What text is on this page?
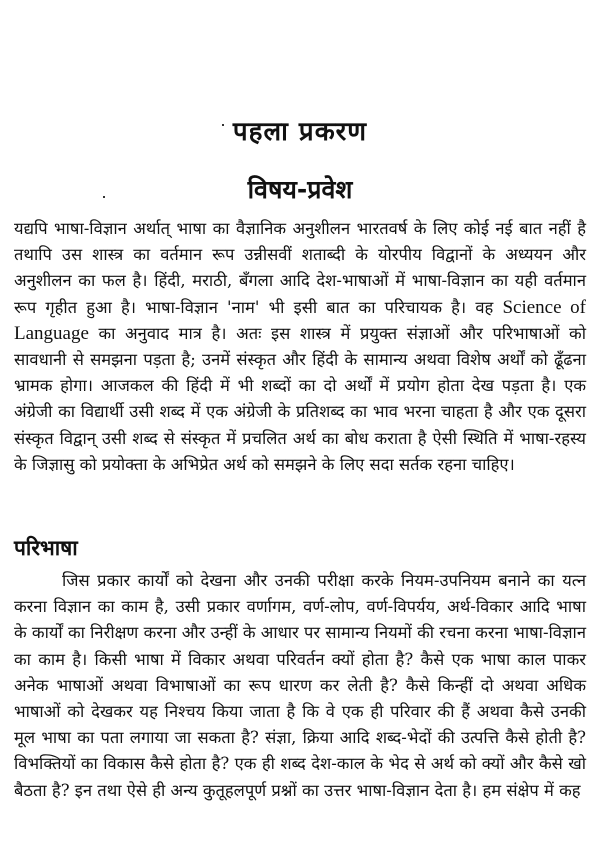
पहला प्रकरण
विषय-प्रवेश

यद्यपि भाषा-विज्ञान अर्थात् भाषा का वैज्ञानिक अनुशीलन भारतवर्ष के लिए कोई नई बात नहीं है तथापि उस शास्त्र का वर्तमान रूप उन्नीसवीं शताब्दी के योरपीय विद्वानों के अध्ययन और अनुशीलन का फल है। हिंदी, मराठी, बँगला आदि देश-भाषाओं में भाषा-विज्ञान का यही वर्तमान रूप गृहीत हुआ है। भाषा-विज्ञान 'नाम' भी इसी बात का परिचायक है। वह Science of Language का अनुवाद मात्र है। अतः इस शास्त्र में प्रयुक्त संज्ञाओं और परिभाषाओं को सावधानी से समझना पड़ता है; उनमें संस्कृत और हिंदी के सामान्य अथवा विशेष अर्थों को ढूँढना भ्रामक होगा। आजकल की हिंदी में भी शब्दों का दो अर्थों में प्रयोग होता देख पड़ता है। एक अंग्रेजी का विद्यार्थी उसी शब्द में एक अंग्रेजी के प्रतिशब्द का भाव भरना चाहता है और एक दूसरा संस्कृत विद्वान् उसी शब्द से संस्कृत में प्रचलित अर्थ का बोध कराता है ऐसी स्थिति में भाषा-रहस्य के जिज्ञासु को प्रयोक्ता के अभिप्रेत अर्थ को समझने के लिए सदा सर्तक रहना चाहिए।

परिभाषा

जिस प्रकार कार्यों को देखना और उनकी परीक्षा करके नियम-उपनियम बनाने का यत्न करना विज्ञान का काम है, उसी प्रकार वर्णागम, वर्ण-लोप, वर्ण-विपर्यय, अर्थ-विकार आदि भाषा के कार्यों का निरीक्षण करना और उन्हीं के आधार पर सामान्य नियमों की रचना करना भाषा-विज्ञान का काम है। किसी भाषा में विकार अथवा परिवर्तन क्यों होता है? कैसे एक भाषा काल पाकर अनेक भाषाओं अथवा विभाषाओं का रूप धारण कर लेती है? कैसे किन्हीं दो अथवा अधिक भाषाओं को देखकर यह निश्चय किया जाता है कि वे एक ही परिवार की हैं अथवा कैसे उनकी मूल भाषा का पता लगाया जा सकता है? संज्ञा, क्रिया आदि शब्द-भेदों की उत्पत्ति कैसे होती है? विभक्तियों का विकास कैसे होता है? एक ही शब्द देश-काल के भेद से अर्थ को क्यों और कैसे खो बैठता है? इन तथा ऐसे ही अन्य कुतूहलपूर्ण प्रश्नों का उत्तर भाषा-विज्ञान देता है। हम संक्षेप में कह
